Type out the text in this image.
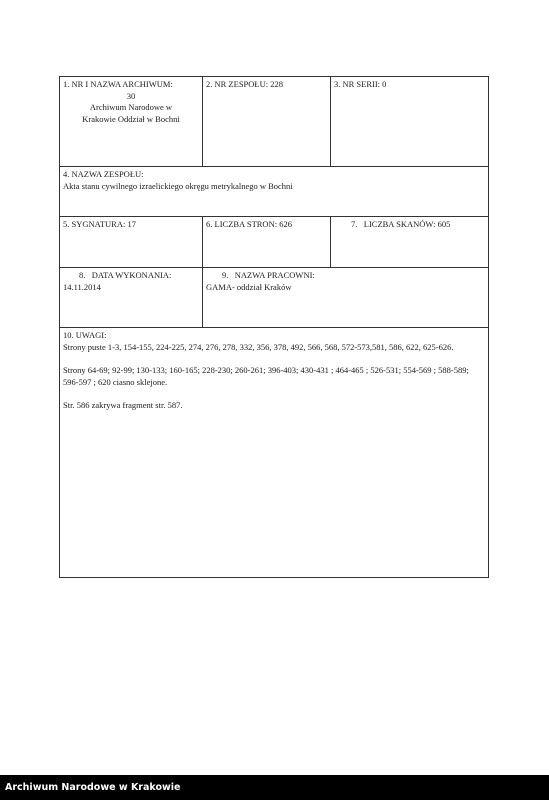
1. NR I NAZWA ARCHIWUM:
30
Archiwum Narodowe w
Krakowie Oddział w Bochni
2. NR ZESPOŁU: 228	3. NR SERII: 0
4. NAZWA ZESPOŁU:
Akta stanu cywilnego izraelickiego okręgu metrykalnego w Bochni
5. SYGNATURA: 17	6. LICZBA STRON: 626	7. LICZBA SKANÓW: 605
8. DATA WYKONANIA:
14.11.2014
9. NAZWA PRACOWNI:
GAMA- oddział Kraków
10. UWAGI:

Strony puste 1-3, 154-155, 224-225, 274, 276, 278, 332, 356, 378, 492, 566, 568, 572-573,581, 586, 622, 625-626.

Strony 64-69; 92-99; 130-133; 160-165; 228-230; 260-261; 396-403; 430-431 ; 464-465 ; 526-531; 554-569 ; 588-589; 596-597 ; 620 ciasno sklejone.

Str. 586 zakrywa fragment str. 587.

Archiwum Narodowe w Krakowie
